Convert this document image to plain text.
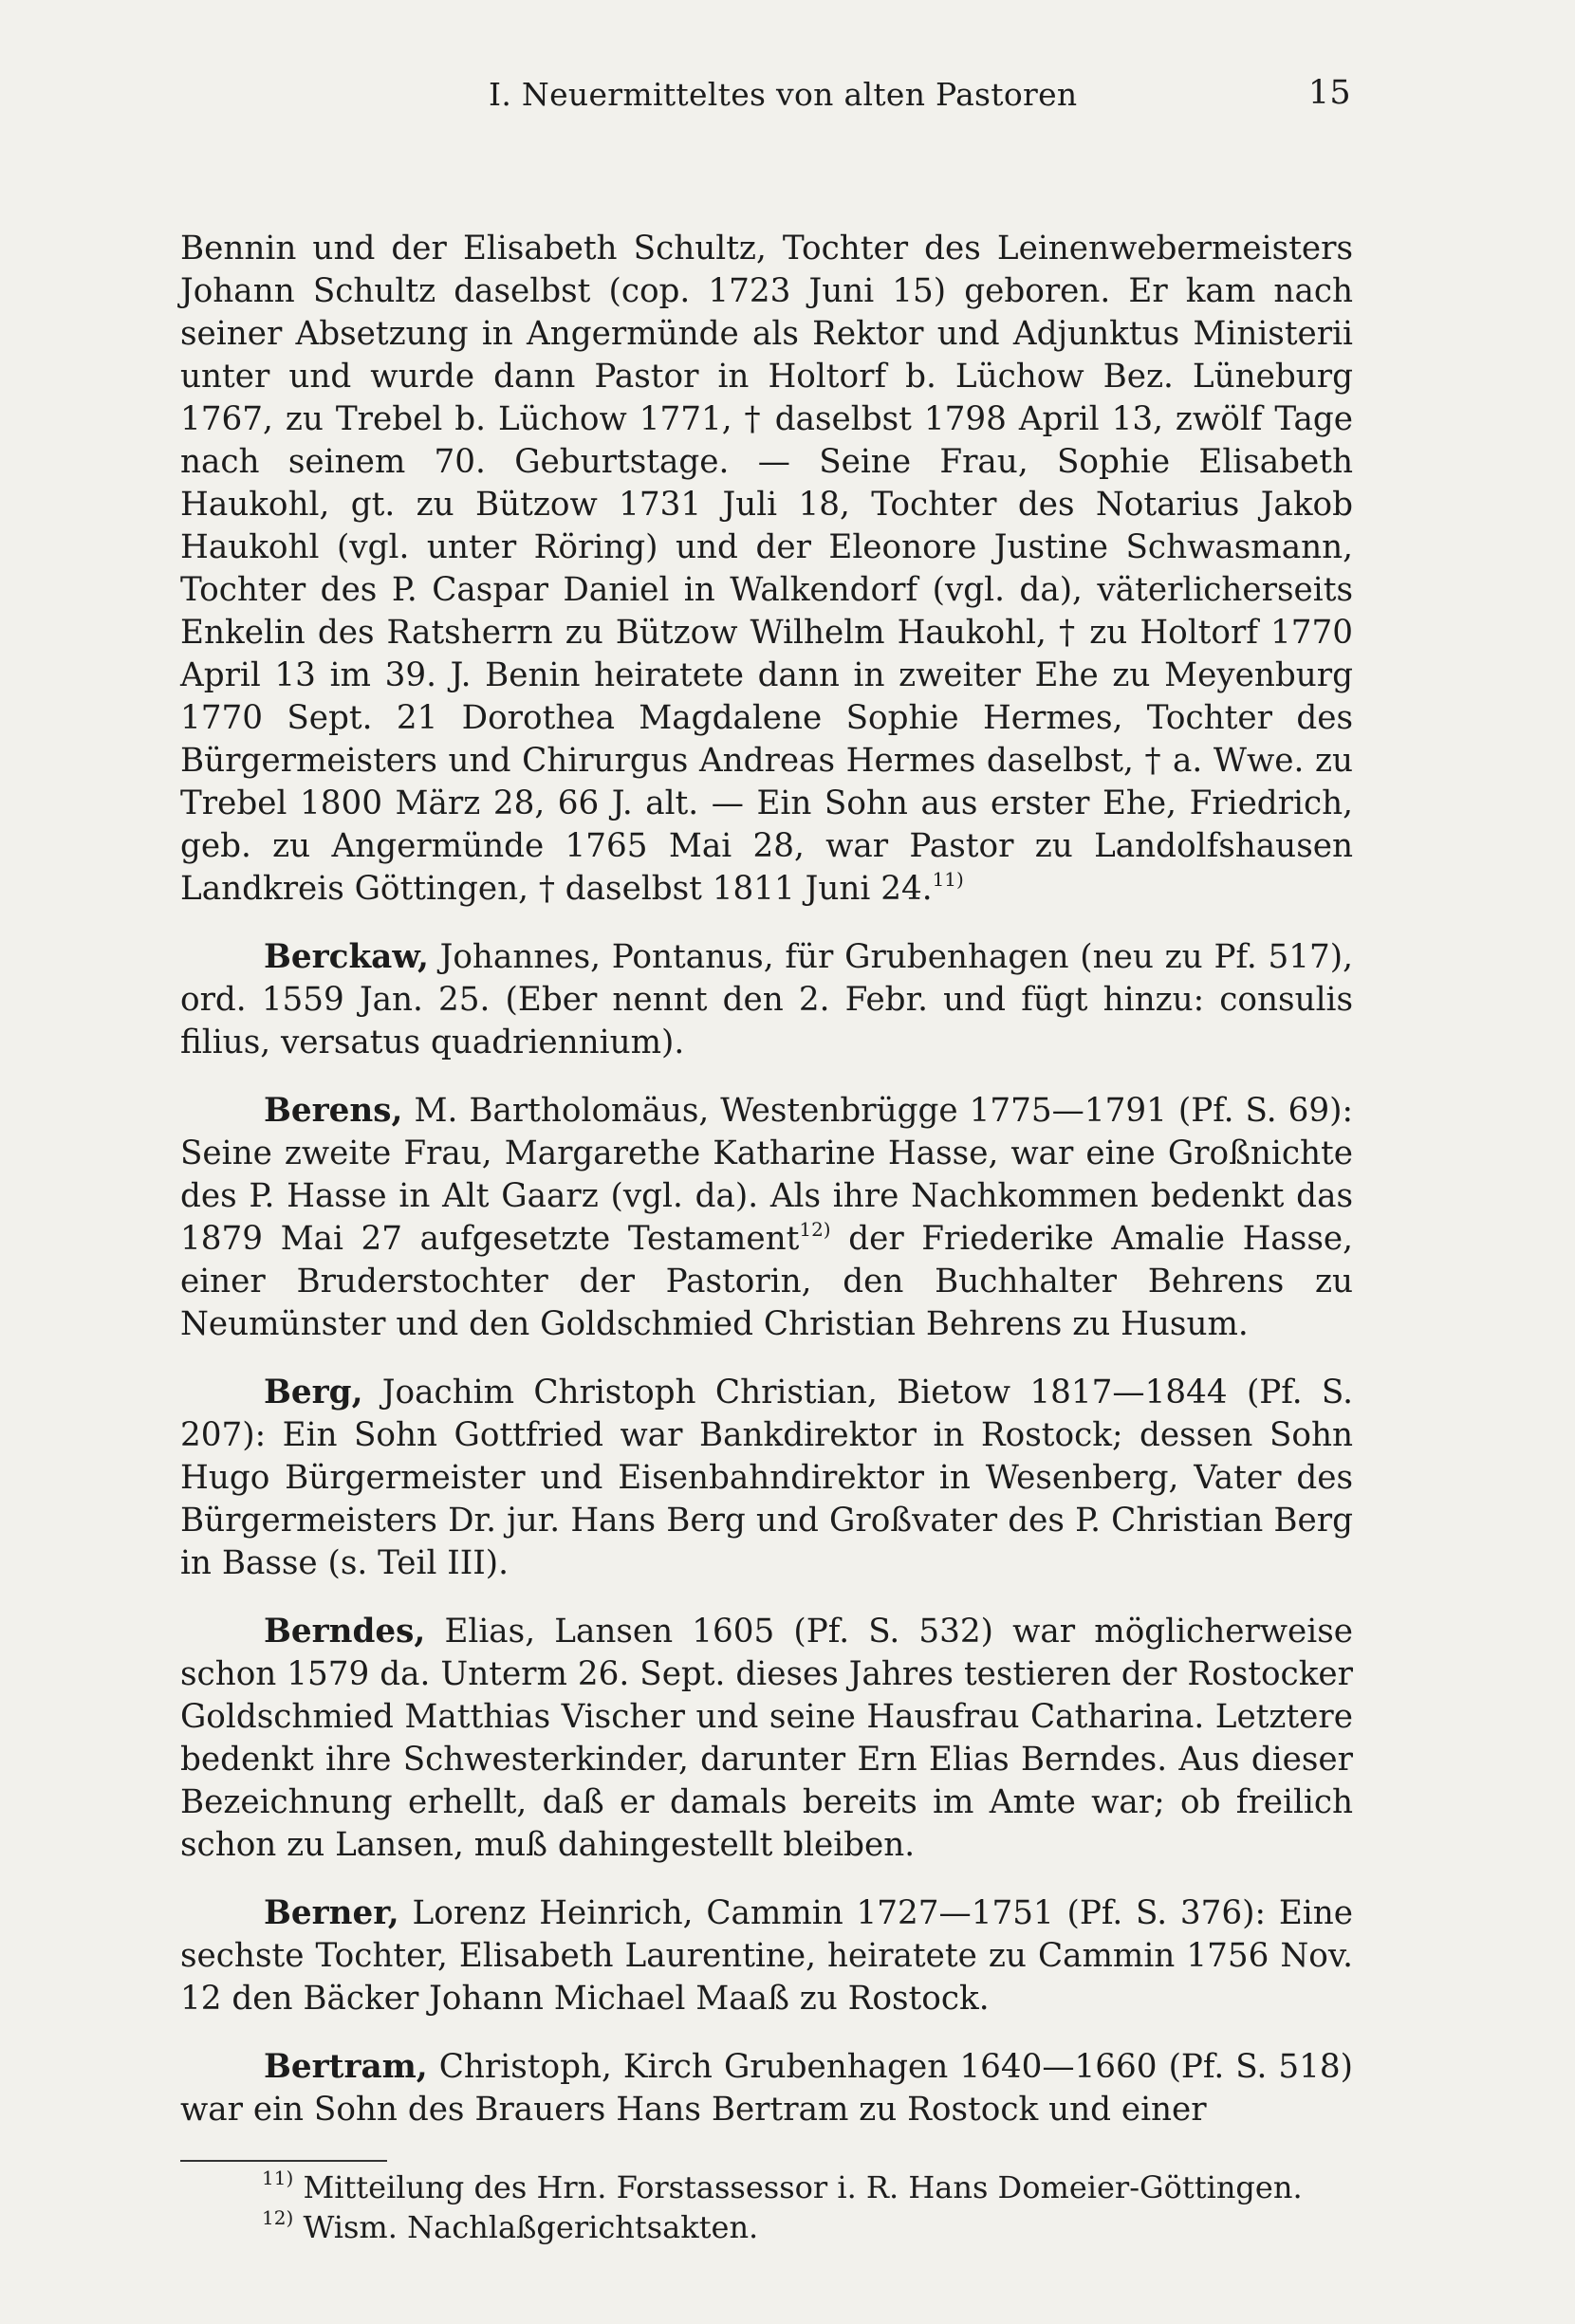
I. Neuermitteltes von alten Pastoren	15

Bennin und der Elisabeth Schultz, Tochter des Leinenwebermeisters Johann Schultz daselbst (cop. 1723 Juni 15) geboren. Er kam nach seiner Absetzung in Angermünde als Rektor und Adjunktus Ministerii unter und wurde dann Pastor in Holtorf b. Lüchow Bez. Lüneburg 1767, zu Trebel b. Lüchow 1771, † daselbst 1798 April 13, zwölf Tage nach seinem 70. Geburtstage. — Seine Frau, Sophie Elisabeth Haukohl, gt. zu Bützow 1731 Juli 18, Tochter des Notarius Jakob Haukohl (vgl. unter Röring) und der Eleonore Justine Schwasmann, Tochter des P. Caspar Daniel in Walkendorf (vgl. da), väterlicherseits Enkelin des Ratsherrn zu Bützow Wilhelm Haukohl, † zu Holtorf 1770 April 13 im 39. J. Benin heiratete dann in zweiter Ehe zu Meyenburg 1770 Sept. 21 Dorothea Magdalene Sophie Hermes, Tochter des Bürgermeisters und Chirurgus Andreas Hermes daselbst, † a. Wwe. zu Trebel 1800 März 28, 66 J. alt. — Ein Sohn aus erster Ehe, Friedrich, geb. zu Angermünde 1765 Mai 28, war Pastor zu Landolfshausen Landkreis Göttingen, † daselbst 1811 Juni 24.$^{11)}$

Berckaw, Johannes, Pontanus, für Grubenhagen (neu zu Pf. 517), ord. 1559 Jan. 25. (Eber nennt den 2. Febr. und fügt hinzu: consulis filius, versatus quadriennium).

Berens, M. Bartholomäus, Westenbrügge 1775—1791 (Pf. S. 69): Seine zweite Frau, Margarethe Katharine Hasse, war eine Großnichte des P. Hasse in Alt Gaarz (vgl. da). Als ihre Nachkommen bedenkt das 1879 Mai 27 aufgesetzte Testament$^{12)}$ der Friederike Amalie Hasse, einer Bruderstochter der Pastorin, den Buchhalter Behrens zu Neumünster und den Goldschmied Christian Behrens zu Husum.

Berg, Joachim Christoph Christian, Bietow 1817—1844 (Pf. S. 207): Ein Sohn Gottfried war Bankdirektor in Rostock; dessen Sohn Hugo Bürgermeister und Eisenbahndirektor in Wesenberg, Vater des Bürgermeisters Dr. jur. Hans Berg und Großvater des P. Christian Berg in Basse (s. Teil III).

Berndes, Elias, Lansen 1605 (Pf. S. 532) war möglicherweise schon 1579 da. Unterm 26. Sept. dieses Jahres testieren der Rostocker Goldschmied Matthias Vischer und seine Hausfrau Catharina. Letztere bedenkt ihre Schwesterkinder, darunter Ern Elias Berndes. Aus dieser Bezeichnung erhellt, daß er damals bereits im Amte war; ob freilich schon zu Lansen, muß dahingestellt bleiben.

Berner, Lorenz Heinrich, Cammin 1727—1751 (Pf. S. 376): Eine sechste Tochter, Elisabeth Laurentine, heiratete zu Cammin 1756 Nov. 12 den Bäcker Johann Michael Maaß zu Rostock.

Bertram, Christoph, Kirch Grubenhagen 1640—1660 (Pf. S. 518) war ein Sohn des Brauers Hans Bertram zu Rostock und einer

$^{11)}$ Mitteilung des Hrn. Forstassessor i. R. Hans Domeier-Göttingen.

$^{12)}$ Wism. Nachlaßgerichtsakten.
